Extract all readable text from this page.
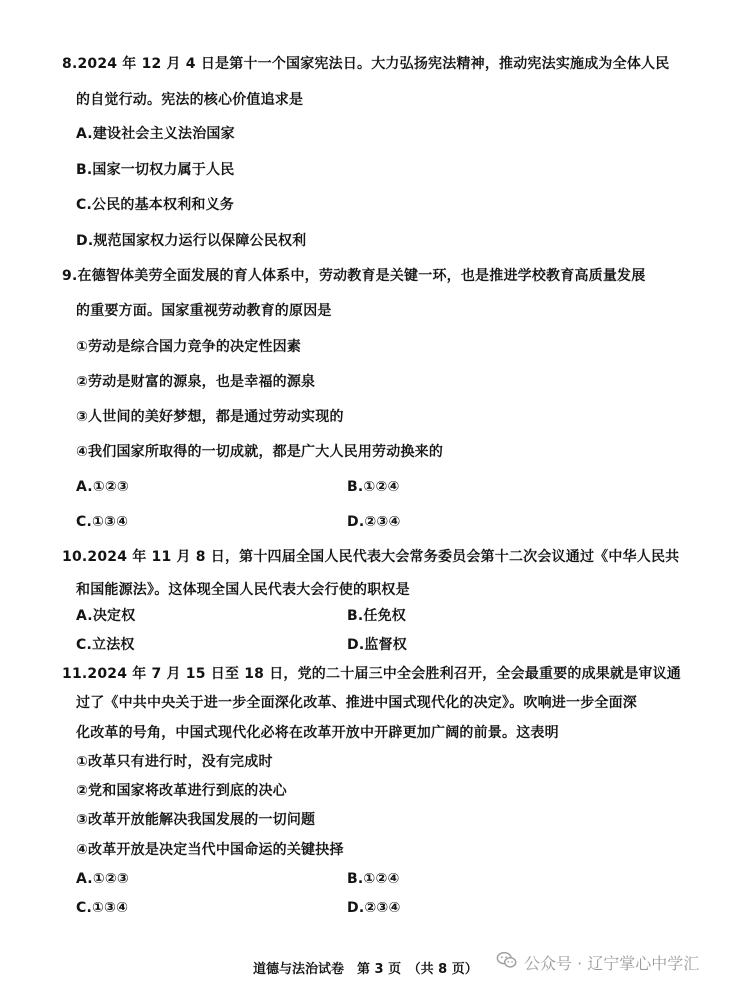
8.2024 年 12 月 4 日是第十一个国家宪法日。大力弘扬宪法精神，推动宪法实施成为全体人民
的自觉行动。宪法的核心价值追求是
A.建设社会主义法治国家
B.国家一切权力属于人民
C.公民的基本权利和义务
D.规范国家权力运行以保障公民权利
9.在德智体美劳全面发展的育人体系中，劳动教育是关键一环，也是推进学校教育高质量发展
的重要方面。国家重视劳动教育的原因是
①劳动是综合国力竞争的决定性因素
②劳动是财富的源泉，也是幸福的源泉
③人世间的美好梦想，都是通过劳动实现的
④我们国家所取得的一切成就，都是广大人民用劳动换来的
A.①②③	B.①②④
C.①③④	D.②③④
10.2024 年 11 月 8 日，第十四届全国人民代表大会常务委员会第十二次会议通过《中华人民共
和国能源法》。这体现全国人民代表大会行使的职权是
A.决定权	B.任免权
C.立法权	D.监督权
11.2024 年 7 月 15 日至 18 日，党的二十届三中全会胜利召开，全会最重要的成果就是审议通
过了《中共中央关于进一步全面深化改革、推进中国式现代化的决定》。吹响进一步全面深
化改革的号角，中国式现代化必将在改革开放中开辟更加广阔的前景。这表明
①改革只有进行时，没有完成时
②党和国家将改革进行到底的决心
③改革开放能解决我国发展的一切问题
④改革开放是决定当代中国命运的关键抉择
A.①②③	B.①②④
C.①③④	D.②③④
道德与法治试卷　第 3 页　（共 8 页）	公众号 · 辽宁掌心中学汇
